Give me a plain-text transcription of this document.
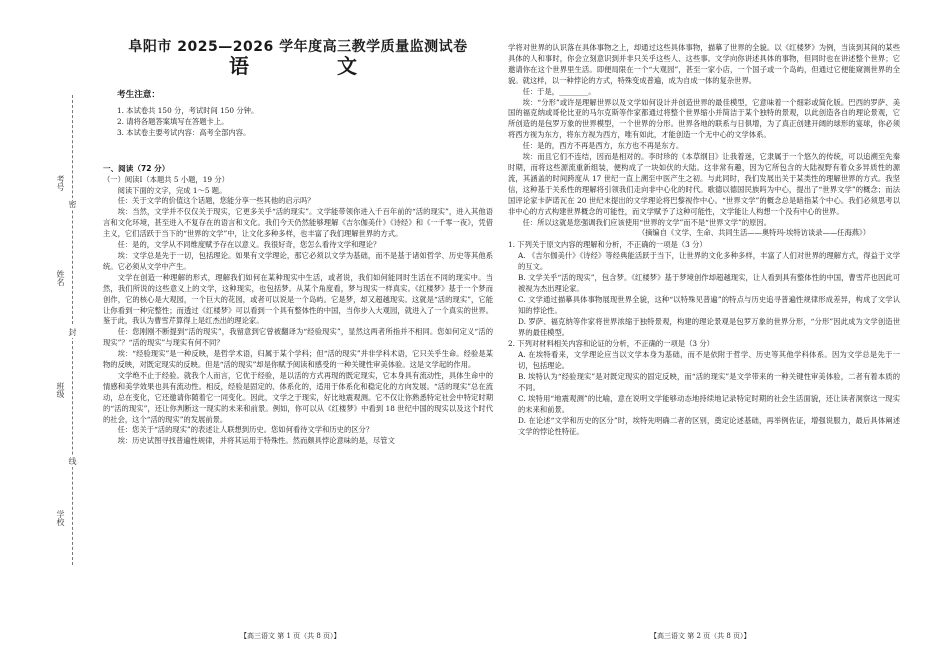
考号
姓名
班级
学校
密
封
线
阜阳市 2025—2026 学年度高三教学质量监测试卷
语　文
考生注意：
1. 本试卷共 150 分，考试时间 150 分钟。
2. 请将各题答案填写在答题卡上。
3. 本试卷主要考试内容：高考全部内容。
一、阅读（72 分）
（一）阅读Ⅰ（本题共 5 小题，19 分）

阅读下面的文字，完成 1～5 题。

任：关于文学的价值这个话题，您能分享一些其他的启示吗？

埃：当然，文学并不仅仅关于现实，它更多关乎“活的现实”。文学能带领你进入千百年前的“活的现实”，进入其他语言和文化环境，甚至进入不复存在的语言和文化。我们今天仍然能够理解《吉尔伽美什》《诗经》和《一千零一夜》，凭借主义，它们活跃于当下的“世界的文学”中，让文化多种多样，也丰富了我们理解世界的方式。

任：是的，文学从不同维度赋予存在以意义。我很好奇，您怎么看待文学和理论？

埃：文学总是先于一切，包括理论。如果有文学理论，那它必须以文学为基础，而不是基于诸如哲学、历史等其他系统。它必须从文学中产生。

文学在创造一种理解的形式，理解我们如何在某种现实中生活，或者说，我们如何能同时生活在不同的现实中。当然，我们所说的这些意义上的文学，这种现实，也包括梦。从某个角度看，梦与现实一样真实。《红楼梦》基于一个梦而创作，它的核心是大观园，一个巨大的花园，或者可以说是一个岛屿。它是梦，却又超越现实。这就是“活的现实”，它能让你看到一种完整性；而透过《红楼梦》可以看到一个具有整体性的中国，当你步入大观园，就进入了一个真实的世界。鉴于此，我认为曹雪芹算得上是红杰出的理论家。

任：您刚刚不断提到“活的现实”，我留意到它曾被翻译为“经验现实”，显然这两者所指并不相同。您如何定义“活的现实”？“活的现实”与现实有何不同？

埃：“经验现实”是一种反映，是哲学术语，归属于某个学科；但“活的现实”并非学科术语，它只关乎生命。经验是某物的反映，对既定现实的反映。但是“活的现实”却是你赋予阅读和感受的一种关键性审美体验。这是文学起的作用。

文学绝不止于经验。就我个人而言，它优于经验，是以活的方式再现的既定现实，它本身具有流动性，具体生命中的情感和美学效果也具有流动性。相反，经验是固定的、体系化的，适用于体系化和稳定化的方向发展。“活的现实”总在流动，总在变化，它还邀请你随着它一同变化。因此，文学之于现实，好比地震观测。它不仅让你熟悉特定社会中特定时期的“活的现实”，还让你判断这一现实的未来和前景。例如，你可以从《红楼梦》中看到 18 世纪中国的现实以及这个时代的社会，这个“活的现实”的发展前景。

任：您关于“活的现实”的表述让人联想到历史。您如何看待文学和历史的区分？

埃：历史试图寻找普遍性规律，并将其运用于特殊性。然而颇具悖论意味的是，尽管文

学将对世界的认识落在具体事物之上，却通过这些具体事物，描摹了世界的全貌。以《红楼梦》为例，当读到其间的某些具体的人和事时，你会立刻意识到并非只关乎这些人、这些事。文学向你讲述具体的事物，但同时也在讲述整个世界；它邀请你在这个世界里生活。即便局限在一个“大观园”，甚至一家小店，一个国子或一个岛屿，但通过它便能窥测世界的全貌。就这样，以一种悖论的方式，特殊变成普遍，成为自成一体的复杂世界。

任：于是，________。

埃：“分形”或许是理解世界以及文学如何设计并创造世界的最佳模型，它意味着一个细彩或简化版。巴西的罗萨、美国的福克纳或哥伦比亚的马尔克斯等作家都通过将整个世界缩小并简洁于某个独特的景观，以此创造各自的理论景观，它所创造的是包罗万象的世界模型，一个世界的分形。世界各地的联系与日俱增，为了真正创建开阔的球形的宴球，你必须将西方视为东方，将东方视为西方，唯有如此，才能创造一个无中心的文学体系。

任：是的，西方不再是西方，东方也不再是东方。

埃：而且它们不连结，因而是相对的。李时珍的《本草纲目》让我着迷，它隶属于一个悠久的传统，可以追溯至先秦时期，而将这些源流重新组装，便构成了一块如伏的大陆。这非常有趣，因为它所包含的大陆视野有着众多异质性的源流，其涵盖的时间跨度从 17 世纪一直上溯至中医产生之初。与此同时，我们发展出关于某类性的理解世界的方式。我坚信，这种基于关系性的理解将引领我们走向非中心化的时代。歌德以德国民族吗为中心，提出了“世界文学”的概念；而法国评论家卡萨诺瓦在 20 世纪末提出的文学理论将巴黎视作中心。“世界文学”的概念总是暗指某个中心。我们必须思考以非中心的方式构建世界概念的可能性，而文学赋予了这种可能性，文学能让人构想一个没有中心的世界。

任：所以这就是您强调我们应该使用“世界的文学”而不是“世界文学”的原因。

（摘编自《文学、生命、共同生活——奥特玛·埃特访谈录——任海燕》）

1. 下列关于原文内容的理解和分析，不正确的一项是（3 分）
A. 《吉尔伽美什》《诗经》等经典能活跃于当下，让世界的文化多种多样，丰富了人们对世界的理解方式，得益于文学的互文。
B. 文学关乎“活的现实”，包含梦。《红楼梦》基于梦境创作却超越现实，让人看到具有整体性的中国，曹雪芹也因此可被视为杰出理论家。
C. 文学通过描摹具体事物展现世界全貌，这种“以特殊见普遍”的特点与历史追寻普遍性规律形成差异，构成了文学认知的悖论性。
D. 罗萨、福克纳等作家将世界浓缩于独特景观，构建的理论景观是包罗万象的世界分形，“分形”因此成为文学创造世界的最佳模型。
2. 下列对材料相关内容和论证的分析，不正确的一项是（3 分）
A. 在埃特看来，文学理论应当以文学本身为基础，而不是依附于哲学、历史等其他学科体系。因为文学总是先于一切，包括理论。
B. 埃特认为“经验现实”是对既定现实的固定反映，而“活的现实”是文学带来的一种关键性审美体验，二者有着本质的不同。
C. 埃特用“地震观测”的比喻，意在说明文学能够动态地持续地记录特定时期的社会生活面貌，还让读者洞察这一现实的未来和前景。
D. 在论述“文学和历史的区分”时，埃特先明确二者的区别，奠定论述基础，再举例佐证，增强说服力，最后具体阐述文学的悖论性特征。
【高三语文 第 1 页（共 8 页）】	【高三语文 第 2 页（共 8 页）】
